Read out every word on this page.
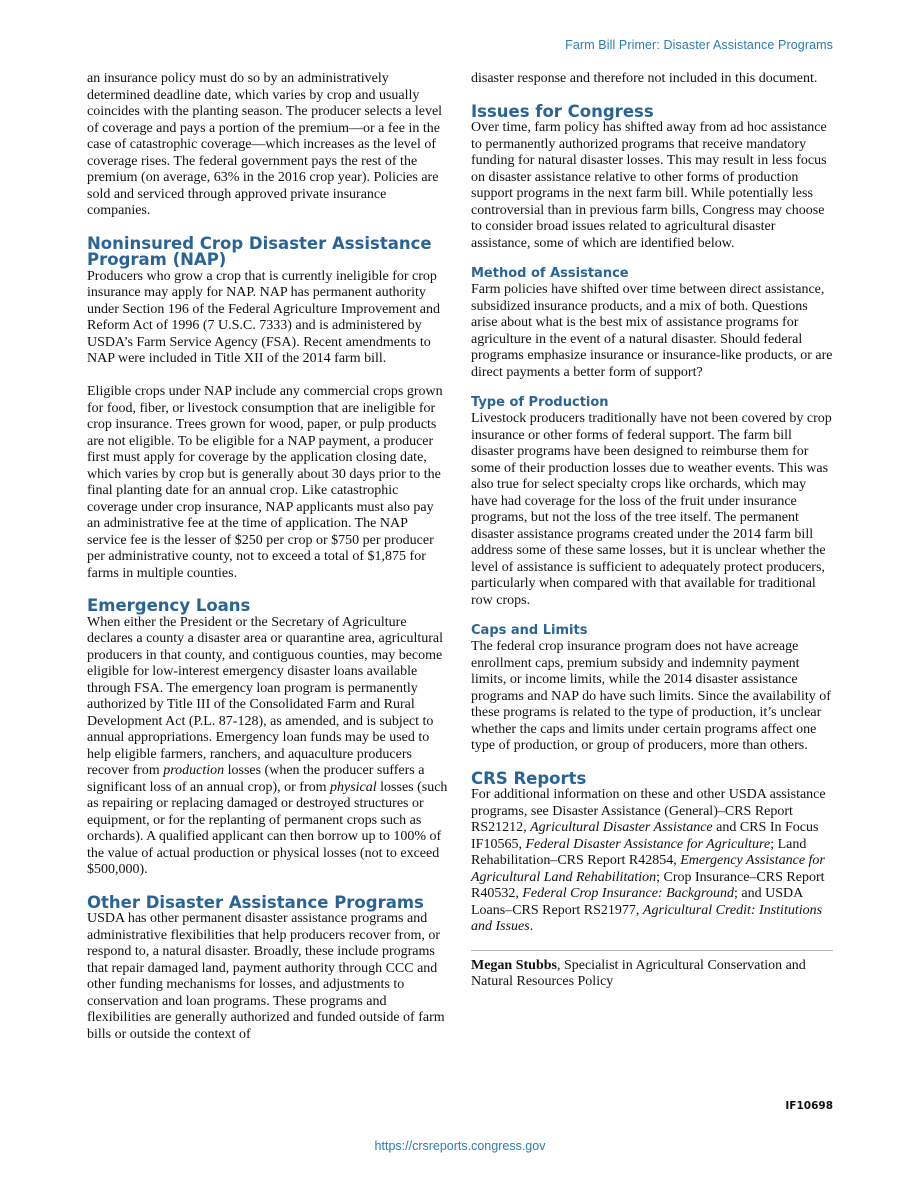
Farm Bill Primer: Disaster Assistance Programs

an insurance policy must do so by an administratively determined deadline date, which varies by crop and usually coincides with the planting season. The producer selects a level of coverage and pays a portion of the premium—or a fee in the case of catastrophic coverage—which increases as the level of coverage rises. The federal government pays the rest of the premium (on average, 63% in the 2016 crop year). Policies are sold and serviced through approved private insurance companies.

Noninsured Crop Disaster Assistance Program (NAP)

Producers who grow a crop that is currently ineligible for crop insurance may apply for NAP. NAP has permanent authority under Section 196 of the Federal Agriculture Improvement and Reform Act of 1996 (7 U.S.C. 7333) and is administered by USDA’s Farm Service Agency (FSA). Recent amendments to NAP were included in Title XII of the 2014 farm bill.

Eligible crops under NAP include any commercial crops grown for food, fiber, or livestock consumption that are ineligible for crop insurance. Trees grown for wood, paper, or pulp products are not eligible. To be eligible for a NAP payment, a producer first must apply for coverage by the application closing date, which varies by crop but is generally about 30 days prior to the final planting date for an annual crop. Like catastrophic coverage under crop insurance, NAP applicants must also pay an administrative fee at the time of application. The NAP service fee is the lesser of $250 per crop or $750 per producer per administrative county, not to exceed a total of $1,875 for farms in multiple counties.

Emergency Loans

When either the President or the Secretary of Agriculture declares a county a disaster area or quarantine area, agricultural producers in that county, and contiguous counties, may become eligible for low-interest emergency disaster loans available through FSA. The emergency loan program is permanently authorized by Title III of the Consolidated Farm and Rural Development Act (P.L. 87-128), as amended, and is subject to annual appropriations. Emergency loan funds may be used to help eligible farmers, ranchers, and aquaculture producers recover from production losses (when the producer suffers a significant loss of an annual crop), or from physical losses (such as repairing or replacing damaged or destroyed structures or equipment, or for the replanting of permanent crops such as orchards). A qualified applicant can then borrow up to 100% of the value of actual production or physical losses (not to exceed $500,000).

Other Disaster Assistance Programs

USDA has other permanent disaster assistance programs and administrative flexibilities that help producers recover from, or respond to, a natural disaster. Broadly, these include programs that repair damaged land, payment authority through CCC and other funding mechanisms for losses, and adjustments to conservation and loan programs. These programs and flexibilities are generally authorized and funded outside of farm bills or outside the context of

disaster response and therefore not included in this document.

Issues for Congress

Over time, farm policy has shifted away from ad hoc assistance to permanently authorized programs that receive mandatory funding for natural disaster losses. This may result in less focus on disaster assistance relative to other forms of production support programs in the next farm bill. While potentially less controversial than in previous farm bills, Congress may choose to consider broad issues related to agricultural disaster assistance, some of which are identified below.

Method of Assistance

Farm policies have shifted over time between direct assistance, subsidized insurance products, and a mix of both. Questions arise about what is the best mix of assistance programs for agriculture in the event of a natural disaster. Should federal programs emphasize insurance or insurance-like products, or are direct payments a better form of support?

Type of Production

Livestock producers traditionally have not been covered by crop insurance or other forms of federal support. The farm bill disaster programs have been designed to reimburse them for some of their production losses due to weather events. This was also true for select specialty crops like orchards, which may have had coverage for the loss of the fruit under insurance programs, but not the loss of the tree itself. The permanent disaster assistance programs created under the 2014 farm bill address some of these same losses, but it is unclear whether the level of assistance is sufficient to adequately protect producers, particularly when compared with that available for traditional row crops.

Caps and Limits

The federal crop insurance program does not have acreage enrollment caps, premium subsidy and indemnity payment limits, or income limits, while the 2014 disaster assistance programs and NAP do have such limits. Since the availability of these programs is related to the type of production, it’s unclear whether the caps and limits under certain programs affect one type of production, or group of producers, more than others.

CRS Reports

For additional information on these and other USDA assistance programs, see Disaster Assistance (General)–CRS Report RS21212, Agricultural Disaster Assistance and CRS In Focus IF10565, Federal Disaster Assistance for Agriculture; Land Rehabilitation–CRS Report R42854, Emergency Assistance for Agricultural Land Rehabilitation; Crop Insurance–CRS Report R40532, Federal Crop Insurance: Background; and USDA Loans–CRS Report RS21977, Agricultural Credit: Institutions and Issues.

Megan Stubbs, Specialist in Agricultural Conservation and Natural Resources Policy

IF10698
https://crsreports.congress.gov
